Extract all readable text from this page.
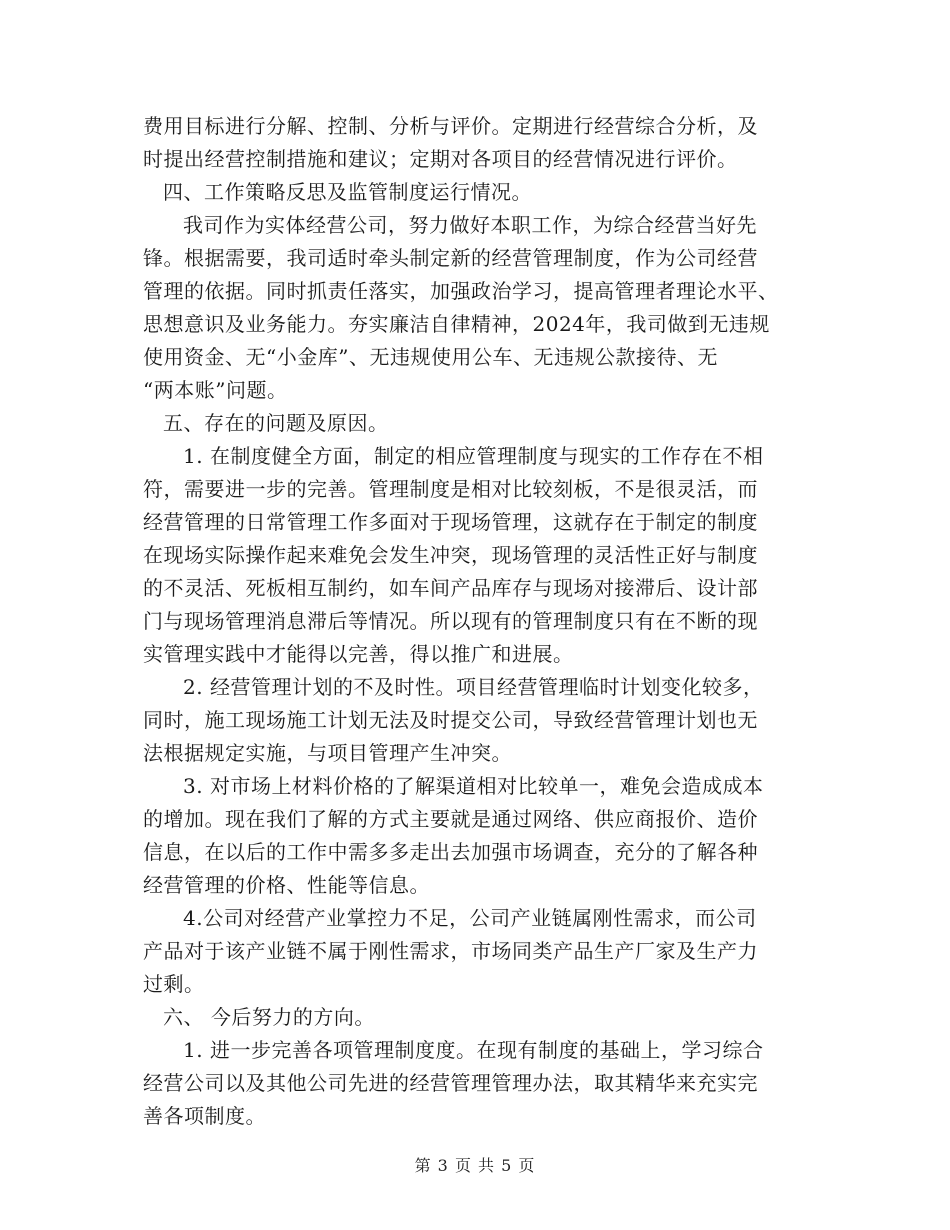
费用目标进行分解、控制、分析与评价。定期进行经营综合分析，及
时提出经营控制措施和建议；定期对各项目的经营情况进行评价。
四、工作策略反思及监管制度运行情况。
我司作为实体经营公司，努力做好本职工作，为综合经营当好先
锋。根据需要，我司适时牵头制定新的经营管理制度，作为公司经营
管理的依据。同时抓责任落实，加强政治学习，提高管理者理论水平、
思想意识及业务能力。夯实廉洁自律精神，2024年，我司做到无违规
使用资金、无“小金库”、无违规使用公车、无违规公款接待、无
“两本账”问题。
五、存在的问题及原因。
1. 在制度健全方面，制定的相应管理制度与现实的工作存在不相
符，需要进一步的完善。管理制度是相对比较刻板，不是很灵活，而
经营管理的日常管理工作多面对于现场管理，这就存在于制定的制度
在现场实际操作起来难免会发生冲突，现场管理的灵活性正好与制度
的不灵活、死板相互制约，如车间产品库存与现场对接滞后、设计部
门与现场管理消息滞后等情况。所以现有的管理制度只有在不断的现
实管理实践中才能得以完善，得以推广和进展。
2. 经营管理计划的不及时性。项目经营管理临时计划变化较多，
同时，施工现场施工计划无法及时提交公司，导致经营管理计划也无
法根据规定实施，与项目管理产生冲突。
3. 对市场上材料价格的了解渠道相对比较单一，难免会造成成本
的增加。现在我们了解的方式主要就是通过网络、供应商报价、造价
信息，在以后的工作中需多多走出去加强市场调查，充分的了解各种
经营管理的价格、性能等信息。
4.公司对经营产业掌控力不足，公司产业链属刚性需求，而公司
产品对于该产业链不属于刚性需求，市场同类产品生产厂家及生产力
过剩。
六、 今后努力的方向。
1. 进一步完善各项管理制度度。在现有制度的基础上，学习综合
经营公司以及其他公司先进的经营管理管理办法，取其精华来充实完
善各项制度。
第 3 页 共 5 页
